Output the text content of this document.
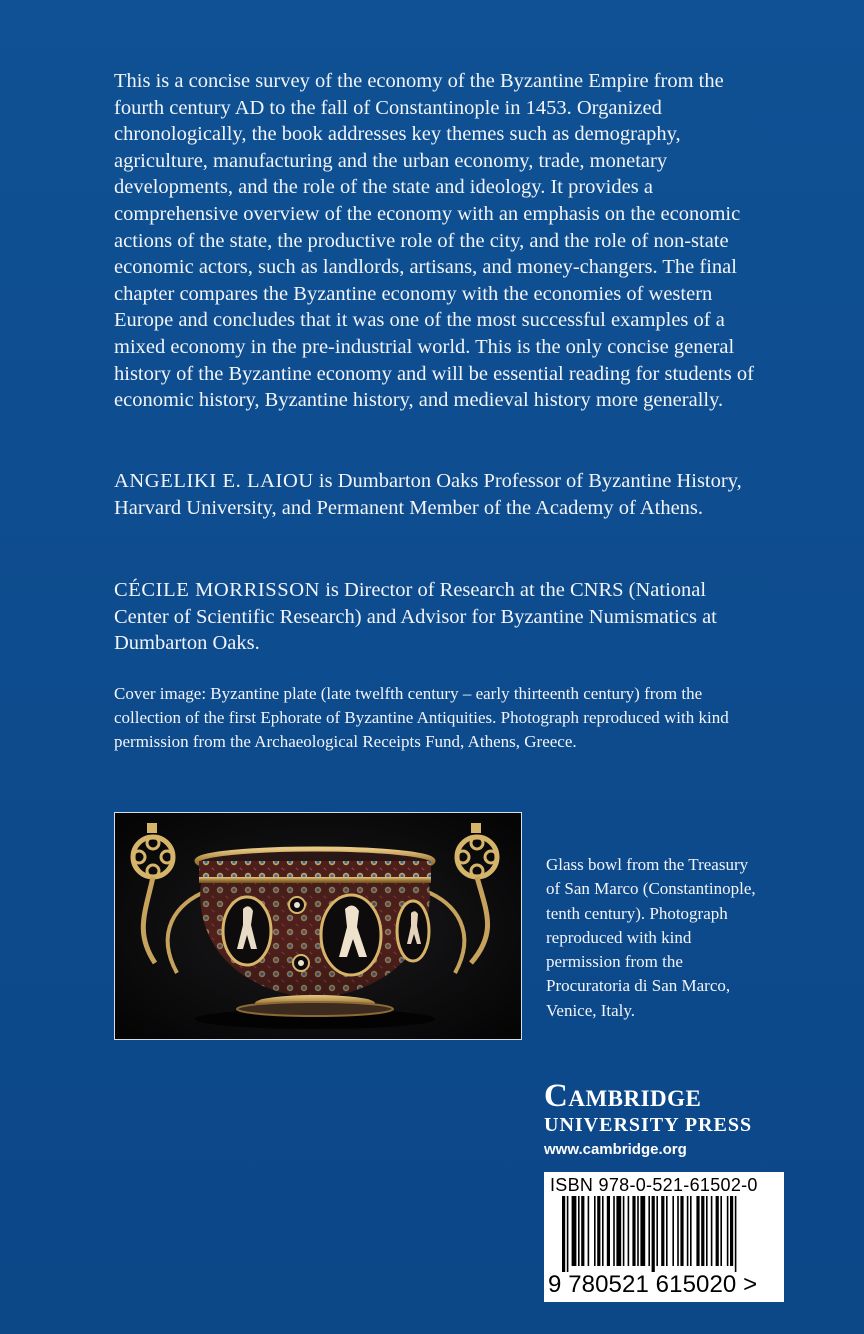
This is a concise survey of the economy of the Byzantine Empire from the fourth century AD to the fall of Constantinople in 1453. Organized chronologically, the book addresses key themes such as demography, agriculture, manufacturing and the urban economy, trade, monetary developments, and the role of the state and ideology. It provides a comprehensive overview of the economy with an emphasis on the economic actions of the state, the productive role of the city, and the role of non-state economic actors, such as landlords, artisans, and money-changers. The final chapter compares the Byzantine economy with the economies of western Europe and concludes that it was one of the most successful examples of a mixed economy in the pre-industrial world. This is the only concise general history of the Byzantine economy and will be essential reading for students of economic history, Byzantine history, and medieval history more generally.

ANGELIKI E. LAIOU is Dumbarton Oaks Professor of Byzantine History, Harvard University, and Permanent Member of the Academy of Athens.

CÉCILE MORRISSON is Director of Research at the CNRS (National Center of Scientific Research) and Advisor for Byzantine Numismatics at Dumbarton Oaks.

Cover image: Byzantine plate (late twelfth century – early thirteenth century) from the collection of the first Ephorate of Byzantine Antiquities. Photograph reproduced with kind permission from the Archaeological Receipts Fund, Athens, Greece.

Glass bowl from the Treasury of San Marco (Constantinople, tenth century). Photograph reproduced with kind permission from the Procuratoria di San Marco, Venice, Italy.

Cambridge
UNIVERSITY PRESS
www.cambridge.org
ISBN 978-0-521-61502-0
9 780521 615020 >
